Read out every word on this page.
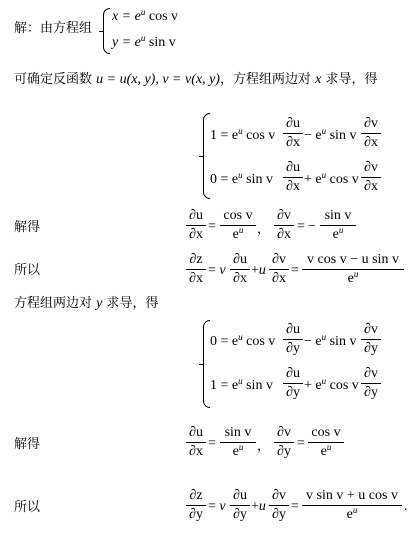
解：由方程组
$x = e^u$ cos v
$y = e^u$ sin v
可确定反函数 u = u(x, y), v = v(x, y)，方程组两边对 x 求导，得
$1 = e^u$ cos v
∂u
$\partial x - e^u$ sin v
∂v
∂x
$0 = e^u$ sin v
∂u
$\partial x + e^u$ cos v
∂v
∂x
解得
∂u
∂x
=
cos v
$e^u$	，
∂v
∂x
= −
sin v
$e^u$
所以
∂z
∂x
= v
∂u
∂x
+u
∂v
∂x
=
v cos v − u sin v
$e^u$
方程组两边对 y 求导，得
$0 = e^u$ cos v
∂u
$\partial y - e^u$ sin v
∂v
∂y
$1 = e^u$ sin v
∂u
$\partial y + e^u$ cos v
∂v
∂y
解得
∂u
∂x
=
sin v
$e^u$	，
∂v
∂y
=
cos v
$e^u$
所以
∂z
∂y
= v
∂u
∂y
+u
∂v
∂y
=
v sin v + u cos v
$e^u$	.
